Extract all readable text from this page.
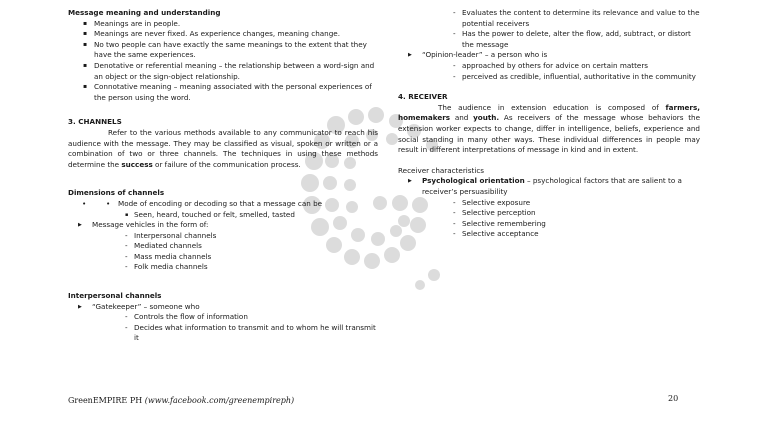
Message meaning and understanding

▪ Meanings are in people.
▪ Meanings are never fixed. As experience changes, meaning change.
▪ No two people can have exactly the same meanings to the extent that they have the same experiences.
▪ Denotative or referential meaning – the relationship between a word-sign and an object or the sign-object relationship.
▪ Connotative meaning – meaning associated with the personal experiences of the person using the word.

3. CHANNELS

Refer to the various methods available to any communicator to reach his audience with the message. They may be classified as visual, spoken or written or a combination of two or three channels. The techniques in using these methods determine the success or failure of the communication process.

Dimensions of channels

• • Mode of encoding or decoding so that a message can be
▪ Seen, heard, touched or felt, smelled, tasted
▶ Message vehicles in the form of:
- Interpersonal channels
- Mediated channels
- Mass media channels
- Folk media channels

Interpersonal channels

▶ “Gatekeeper” – someone who
- Controls the flow of information
- Decides what information to transmit and to whom he will transmit it
- Evaluates the content to determine its relevance and value to the potential receivers
- Has the power to delete, alter the flow, add, subtract, or distort the message
▶ “Opinion-leader” – a person who is
- approached by others for advice on certain matters
- perceived as credible, influential, authoritative in the community

4. RECEIVER

The audience in extension education is composed of farmers, homemakers and youth. As receivers of the message whose behaviors the extension worker expects to change, differ in intelligence, beliefs, experience and social standing in many other ways. These individual differences in people may result in different interpretations of message in kind and in extent.

Receiver characteristics

▶ Psychological orientation – psychological factors that are salient to a receiver’s persuasibility
- Selective exposure
- Selective perception
- Selective remembering
- Selective acceptance
GreenEMPIRE PH (www.facebook.com/greenempireph)	20
